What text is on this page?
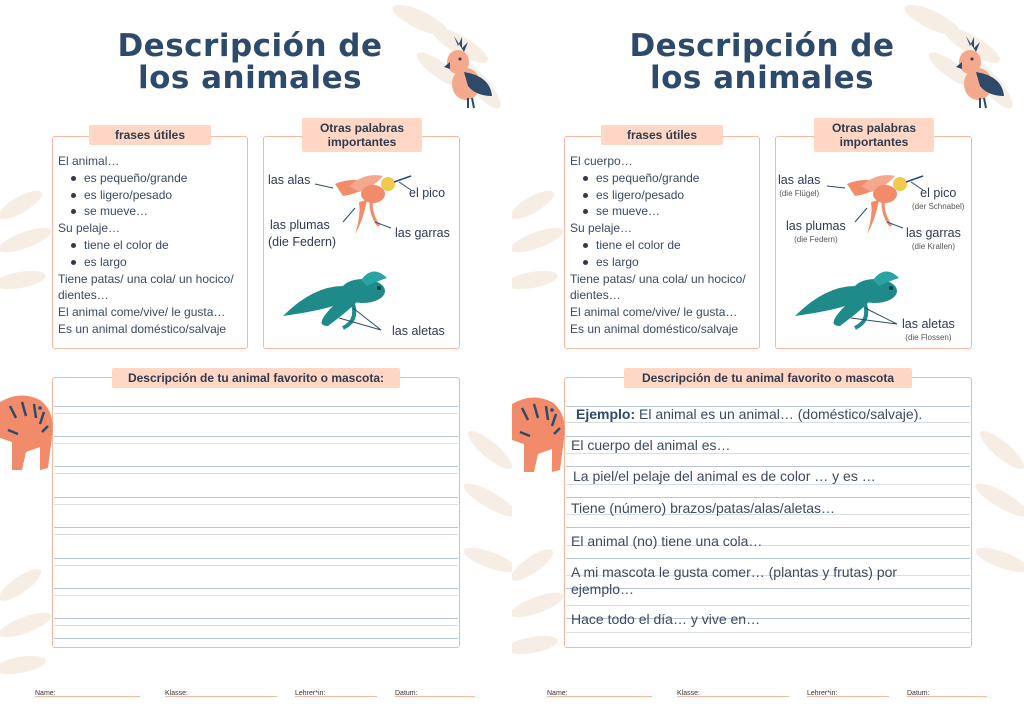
Descripción de
los animales
frases útiles
El animal…
es pequeño/grande
es ligero/pesado
se mueve…
Su pelaje…
tiene el color de
es largo
Tiene patas/ una cola/ un hocico/
dientes…
El animal come/vive/ le gusta…
Es un animal doméstico/salvaje
Otras palabras
importantes
las alas
el pico
las plumas
(die Federn)
las garras
las aletas
Descripción de tu animal favorito o mascota:
Name:	Klasse:	Lehrer*in:	Datum:
Descripción de
los animales
frases útiles
El cuerpo…
es pequeño/grande
es ligero/pesado
se mueve…
Su pelaje…
tiene el color de
es largo
Tiene patas/ una cola/ un hocico/
dientes…
El animal come/vive/ le gusta…
Es un animal doméstico/salvaje
Otras palabras
importantes
las alas
(die Flügel)	el pico
(der Schnabel)
las plumas
(die Federn)	las garras
(die Krallen)
las aletas
(die Flossen)
Descripción de tu animal favorito o mascota
Ejemplo: El animal es un animal… (doméstico/salvaje).
El cuerpo del animal es…
La piel/el pelaje del animal es de color … y es …
Tiene (número) brazos/patas/alas/aletas…
El animal (no) tiene una cola…
A mi mascota le gusta comer… (plantas y frutas) por
ejemplo…
Hace todo el día… y vive en…
Name:	Klasse:	Lehrer*in:	Datum:
